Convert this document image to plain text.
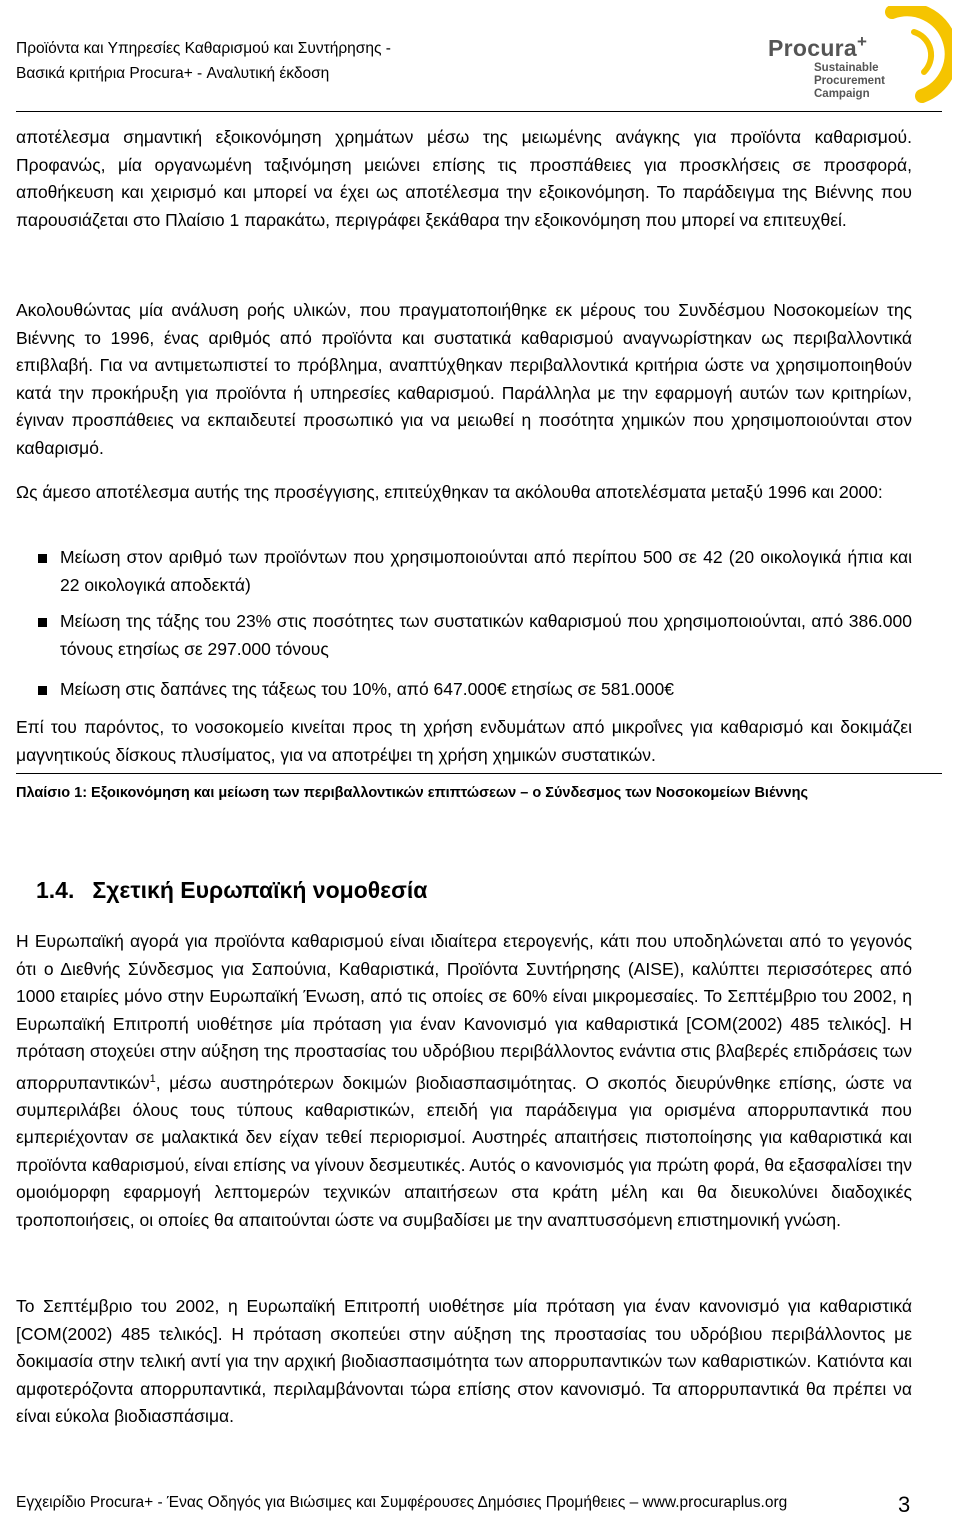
Προϊόντα και Υπηρεσίες Καθαρισμού και Συντήρησης -
Βασικά κριτήρια Procura+ - Αναλυτική έκδοση
Procura+
Sustainable
Procurement
Campaign

αποτέλεσμα σημαντική εξοικονόμηση χρημάτων μέσω της μειωμένης ανάγκης για προϊόντα καθαρισμού. Προφανώς, μία οργανωμένη ταξινόμηση μειώνει επίσης τις προσπάθειες για προσκλήσεις σε προσφορά, αποθήκευση και χειρισμό και μπορεί να έχει ως αποτέλεσμα την εξοικονόμηση. Το παράδειγμα της Βιέννης που παρουσιάζεται στο Πλαίσιο 1 παρακάτω, περιγράφει ξεκάθαρα την εξοικονόμηση που μπορεί να επιτευχθεί.

Ακολουθώντας μία ανάλυση ροής υλικών, που πραγματοποιήθηκε εκ μέρους του Συνδέσμου Νοσοκομείων της Βιέννης το 1996, ένας αριθμός από προϊόντα και συστατικά καθαρισμού αναγνωρίστηκαν ως περιβαλλοντικά επιβλαβή. Για να αντιμετωπιστεί το πρόβλημα, αναπτύχθηκαν περιβαλλοντικά κριτήρια ώστε να χρησιμοποιηθούν κατά την προκήρυξη για προϊόντα ή υπηρεσίες καθαρισμού. Παράλληλα με την εφαρμογή αυτών των κριτηρίων, έγιναν προσπάθειες να εκπαιδευτεί προσωπικό για να μειωθεί η ποσότητα χημικών που χρησιμοποιούνται στον καθαρισμό.

Ως άμεσο αποτέλεσμα αυτής της προσέγγισης, επιτεύχθηκαν τα ακόλουθα αποτελέσματα μεταξύ 1996 και 2000:

Μείωση στον αριθμό των προϊόντων που χρησιμοποιούνται από περίπου 500 σε 42 (20 οικολογικά ήπια και 22 οικολογικά αποδεκτά)
Μείωση της τάξης του 23% στις ποσότητες των συστατικών καθαρισμού που χρησιμοποιούνται, από 386.000 τόνους ετησίως σε 297.000 τόνους
Μείωση στις δαπάνες της τάξεως του 10%, από 647.000€ ετησίως σε 581.000€

Επί του παρόντος, το νοσοκομείο κινείται προς τη χρήση ενδυμάτων από μικροΐνες για καθαρισμό και δοκιμάζει μαγνητικούς δίσκους πλυσίματος, για να αποτρέψει τη χρήση χημικών συστατικών.

Πλαίσιο 1: Εξοικονόμηση και μείωση των περιβαλλοντικών επιπτώσεων – ο Σύνδεσμος των Νοσοκομείων Βιέννης
1.4. Σχετική Ευρωπαϊκή νομοθεσία

Η Ευρωπαϊκή αγορά για προϊόντα καθαρισμού είναι ιδιαίτερα ετερογενής, κάτι που υποδηλώνεται από το γεγονός ότι ο Διεθνής Σύνδεσμος για Σαπούνια, Καθαριστικά, Προϊόντα Συντήρησης (AISE), καλύπτει περισσότερες από 1000 εταιρίες μόνο στην Ευρωπαϊκή Ένωση, από τις οποίες σε 60% είναι μικρομεσαίες. Το Σεπτέμβριο του 2002, η Ευρωπαϊκή Επιτροπή υιοθέτησε μία πρόταση για έναν Κανονισμό για καθαριστικά [COM(2002) 485 τελικός]. Η πρόταση στοχεύει στην αύξηση της προστασίας του υδρόβιου περιβάλλοντος ενάντια στις βλαβερές επιδράσεις των απορρυπαντικών$^1$, μέσω αυστηρότερων δοκιμών βιοδιασπασιμότητας. Ο σκοπός διευρύνθηκε επίσης, ώστε να συμπεριλάβει όλους τους τύπους καθαριστικών, επειδή για παράδειγμα για ορισμένα απορρυπαντικά που εμπεριέχονταν σε μαλακτικά δεν είχαν τεθεί περιορισμοί. Αυστηρές απαιτήσεις πιστοποίησης για καθαριστικά και προϊόντα καθαρισμού, είναι επίσης να γίνουν δεσμευτικές. Αυτός ο κανονισμός για πρώτη φορά, θα εξασφαλίσει την ομοιόμορφη εφαρμογή λεπτομερών τεχνικών απαιτήσεων στα κράτη μέλη και θα διευκολύνει διαδοχικές τροποποιήσεις, οι οποίες θα απαιτούνται ώστε να συμβαδίσει με την αναπτυσσόμενη επιστημονική γνώση.

Το Σεπτέμβριο του 2002, η Ευρωπαϊκή Επιτροπή υιοθέτησε μία πρόταση για έναν κανονισμό για καθαριστικά [COM(2002) 485 τελικός]. Η πρόταση σκοπεύει στην αύξηση της προστασίας του υδρόβιου περιβάλλοντος με δοκιμασία στην τελική αντί για την αρχική βιοδιασπασιμότητα των απορρυπαντικών των καθαριστικών. Κατιόντα και αμφοτερόζοντα απορρυπαντικά, περιλαμβάνονται τώρα επίσης στον κανονισμό. Τα απορρυπαντικά θα πρέπει να είναι εύκολα βιοδιασπάσιμα.

Εγχειρίδιο Procura+ - Ένας Οδηγός για Βιώσιμες και Συμφέρουσες Δημόσιες Προμήθειες – www.procuraplus.org	3
